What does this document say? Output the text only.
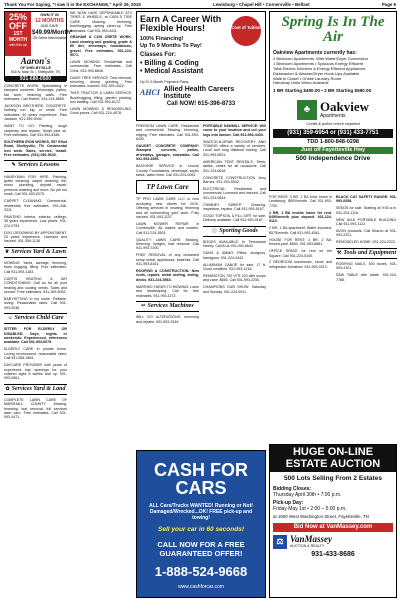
Thank You For Saying, "I saw it in the EXCHANGE," April 29, 2015	Lewisburg • Chapel Hill • Cornersville • Belfast	Page 9
25% OFF
1ST MONTH
with this ad
OWN IT IN
12 MONTHS
AND SAVE
$49.99/Month*
ON Select Merchandise
Aaron's
OF SHELBYVILLE
516 N. Main St. • Shelbyville, TN
931-680-0500
CONCRETE WORK: Specializing in stamped concrete. Driveways, patios, flat work, retaining walls. Free estimates. Call Robert, 931-224-5855.
JACKSON BROTHERS CONCRETE. Nothing too big or small. Free estimates. 40 years experience. Paul Jackson, 931-359-5009.
WANT TO DO: Painting, rough carpentry and repairs. Small jobs ok. Free estimates. Call 931-993-8186.
SOUTHERN IRON WORKS, 557 Elliot Road, Shelbyville, TN. Ornamental iron work. Sales, service, install. Free estimates. (931) 680-5640.
✎ Services Lessons
HANDYMAN FOR HIRE: Painting, gutter cleaning, carpet cleaning, tile, minor plumbing, drywall repair, pressure washing and more. No job too small. Call 931-993-0075.
CARPET CLEANING: Commercial, residential, free estimates. 931-446-3311.
PAINTING: Interior, exterior, ceilings. 35 years experience. Low prices. 931-224-0793.
DOG GROOMING BY APPOINTMENT. 20 years experience. Licensed and insured. 931-359-1138.
❦ Services Yard & Lawn
MOWING: Yards, acreage, trimming, bush hogging, tilling. Free estimates. Call 931-993-1183.
CURTIS HEATING & AIR CONDITIONING: Call us for all your heating and cooling needs. Sales and service. Free estimates. 931-359-5052.
BABYSITTING in my home. Reliable, loving. Reasonable rates. Call 931-993-0036.
☺ Services Child Care
SITTER FOR ELDERLY OR DISABLED: Days, nights or weekends. Experienced, references available. Call 931-993-6675.
ELDERLY CARE in private home. Loving environment, reasonable rates. Call 931-556-3841.
DAYCARE PROVIDER with years of experience has openings for your children ages 6 weeks and up. 931-993-0061.
✿ Services Yard & Land
COMPLETE LAWN CARE OF MARSHALL COUNTY. Mowing, trimming, leaf removal, full services lawn care. Free estimates. Call 931-993-4471.
WE NOW HAVE DEPENDABLE ATV TIRES & WHEELS, at CARL'S TIRE CARE. Mowing, trimming, bushhogging, spring clean-up. Free estimates. Call 931-993-4411.
GRAHAM & CON CRETE WORK. Land clearing and grading, grade & fill dirt, driveways, foundations, gravel. Free estimates. 931-224-9071.
LAWN MOWING: Residential and commercial. Free estimates. Call Chris, 931-993-8845.
DAVIS TREE SERVICE: Tree removal, trimming, stump grinding. Free estimates. Insured. 931-359-4422.
TIM'S TRACTOR & LAWN SERVICE: Bushhogging, tilling, garden plowing, box blading. Call 931-993-8172.
LAWN MOWING & REMODELING. Good prices. Call 931-224-4578.
Earn A Career With Flexible Hours!	Cost of Tuition
100% Financing!
Up To 9 Months To Pay!
Classes For:
• Billing & Coding
• Medical Assistant
Up To 9 Month Payment Plans
AHCI Allied Health Careers Institute
Call NOW! 615-396-8733
FREEDOM LAWN CARE. Residential and commercial. Mowing, trimming, edging. Free estimates. Call 931-993-8432.
GAUDET CONCRETE COMPANY: Stamped concrete, patios, driveways, garages, sidewalks. Call 931-993-4555.
BACKHOE SERVICE in Lincoln County: Foundations, driveways, septic tanks, water lines. Call 931-224-0081.
TP Lawn Care
TP PRO LAWN CARE LLC is now accepting new clients for 2015. Offering services in mowing, trimming and all surrounding yard work. Fully insured. 931-993-1137.
LAWN MOWER REPAIR in Cornersville. All makes and models. Call 931-224-5501.
QUALITY LAWN CARE: Mowing, trimming, hedges, leaf removal. Call 931-993-7200.
FREE REMOVAL of any unwanted scrap metal, appliances, batteries. Call 931-993-8161.
ROOFING & CONSTRUCTION: New roofs, repairs, metal roofing, siding, decks. 931-224-5563.
MARRIED YARDS TO MOWING: Lawn and landscaping. Call for free estimates. 931-993-1172.
✂ Services Machines
WILL DO ALTERATIONS, hemming and repairs. 931-993-3349.
PORTABLE SAWMILL SERVICE: Will come to your location and cut your logs into lumber. Call 931-993-4433.
SNATCH-N-GRAB RECOVERY AND TOWING offers a variety of services. Local and long distance towing. Call 931-993-6521.
AMERICAN TENT RENTALS: Tents, tables, chairs for all occasions. Call 931-224-6618.
CONCRETE CONSTRUCTION Jerry Barnes. 931-993-5542.
ELECTRICAL: Residential and commercial. Licensed and insured. Call 931-224-0844.
CHIMNEY SWEEP: Cleaning, inspection, repairs. Call 931-993-5167.
GOOD TOPSOIL & FILL DIRT for sale. Delivery available. Call 931-993-0187.
⚾ Sporting Goods
BOOKS AVAILABLE: In Tennessee history. Call Al at 931-993-6643.
GUNS & AMMO: Rifles, shotguns, handguns. 931-224-4442.
ALUMINUM CANOE for sale, 17 ft. Good condition. 931-993-1216.
REMINGTON 700 VTR 223 with scope and case. $650. Call 931-993-2250.
CHAMPIONS GUN SHOW: Saturday and Sunday. 931-224-0911.
CASH FOR CARS
ALL Cars/Trucks WANTED! Running or Not! Damaged/Wrecked...OK! FREE pick-up and towing!
Sell your car in 60 seconds!
CALL NOW FOR A FREE GUARANTEED OFFER!
1-888-524-9668
www.cashforcar.com
Spring Is In The Air
Oakview Apartments currently has:
2 Bedroom Apartments. With Water/Dryer Connection
1 Bedroom Apartments • Spacious Energy Efficient
Total Electric Kitchens & Energy Efficient Appliances
Dishwasher & Washer/Dryer Hook-Ups Available
Walk In Closet • Onsite Laundry Room
Handicap Units When Available
1 BR Starting $490.00 • 2 BR Starting $590.00
♣ Oakview
Apartments
Credit & police check required
(931) 359-6954 or (931) 433-7751
TDD 1-800-848-0298
Just off Fayetteville Hwy
500 Independence Drive
FOR RENT: 3 BR, 2 BA brick home in Lewisburg. $900/month. Call 931-993-7700.
2 BR, 1 BA mobile home for rent. $450/month plus deposit. 931-224-5110.
2 BR, 1 BA apartment. Water included. $575/month. Call 931-993-4541.
HOUSE FOR RENT: 3 BR, 2 BA, fenced yard. $850. 931-993-8881.
OFFICE SPACE for rent on the Square. Call 931-224-5100.
2 BEDROOM townhouse, stove and refrigerator furnished. 931-993-0212.
BLACK CAT SAFETY RANGE: 931-993-0058.
SEEDS for sale. Starting at 9:00 a.m. 931-224-1116.
NEW 8x16 PORTABLE BUILDING. Call 931-993-1122.
AVON products: Call Sharon at 931-993-2201.
REMODELED HOME: 931-224-2222.
⚒ Tools and Equipment
ROOFING NAILS, 500 boxes. 931-993-4101.
SAW TABLE with blade. 931-224-7788.
HUGE ON-LINE ESTATE AUCTION
500 Lots Selling From 2 Estates
Bidding Closes:
Thursday April 30th • 7:00 p.m.
Pick-up Day:
Friday May 1st • 2:00 – 5:00 p.m.
at 1600 West Washington Street, Fayetteville, TN
Bid Now at VanMassey.com
⚖ VanMassey
AUCTION & REALTY
931-433-8686
